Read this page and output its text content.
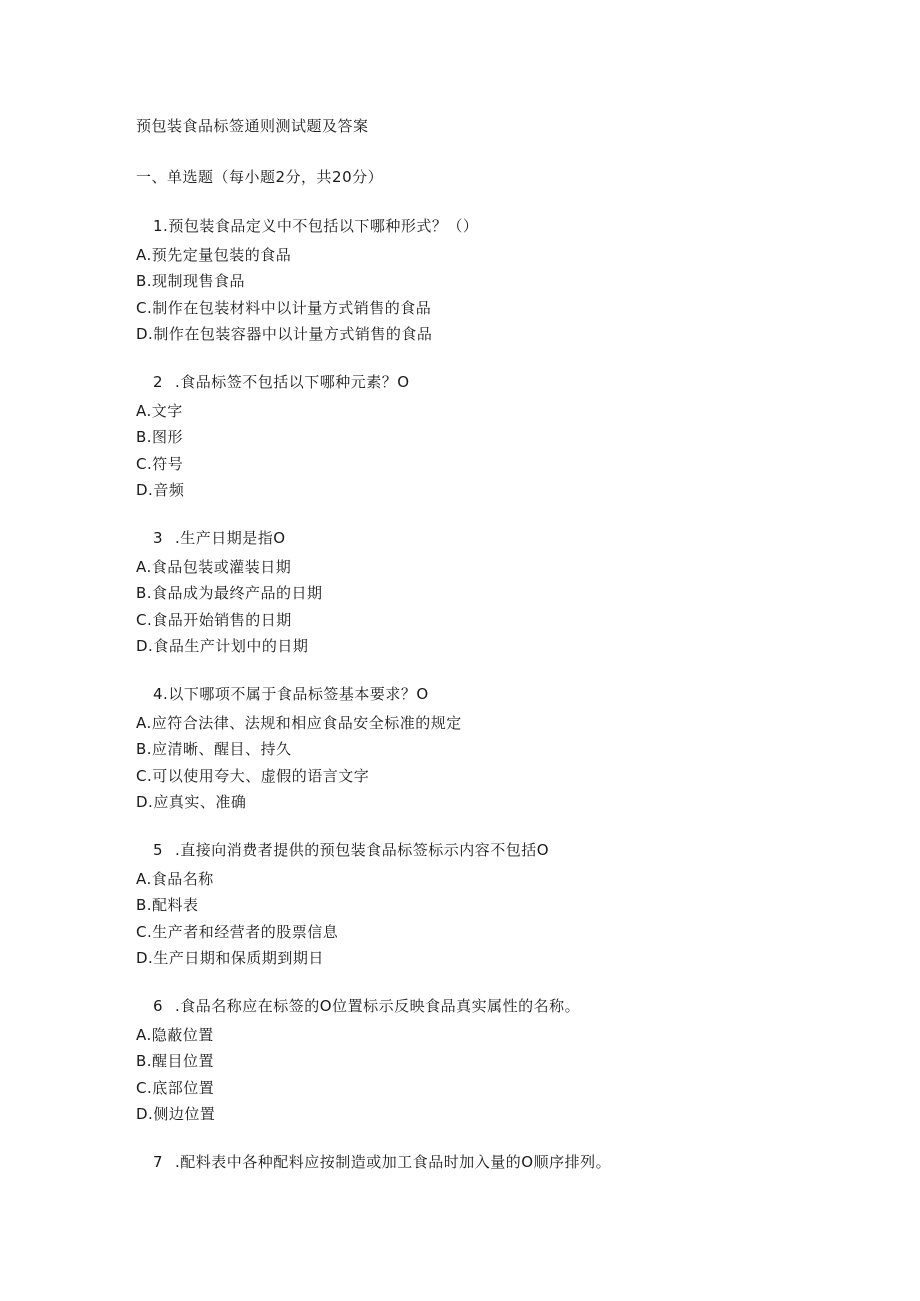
预包装食品标签通则测试题及答案
一、单选题（每小题2分，共20分）
1.预包装食品定义中不包括以下哪种形式？（）
A.预先定量包装的食品
B.现制现售食品
C.制作在包装材料中以计量方式销售的食品
D.制作在包装容器中以计量方式销售的食品
2 .食品标签不包括以下哪种元素？O
A.文字
B.图形
C.符号
D.音频
3 .生产日期是指O
A.食品包装或灌装日期
B.食品成为最终产品的日期
C.食品开始销售的日期
D.食品生产计划中的日期
4.以下哪项不属于食品标签基本要求？O
A.应符合法律、法规和相应食品安全标准的规定
B.应清晰、醒目、持久
C.可以使用夸大、虚假的语言文字
D.应真实、准确
5 .直接向消费者提供的预包装食品标签标示内容不包括O
A.食品名称
B.配料表
C.生产者和经营者的股票信息
D.生产日期和保质期到期日
6 .食品名称应在标签的O位置标示反映食品真实属性的名称。
A.隐蔽位置
B.醒目位置
C.底部位置
D.侧边位置
7 .配料表中各种配料应按制造或加工食品时加入量的O顺序排列。
